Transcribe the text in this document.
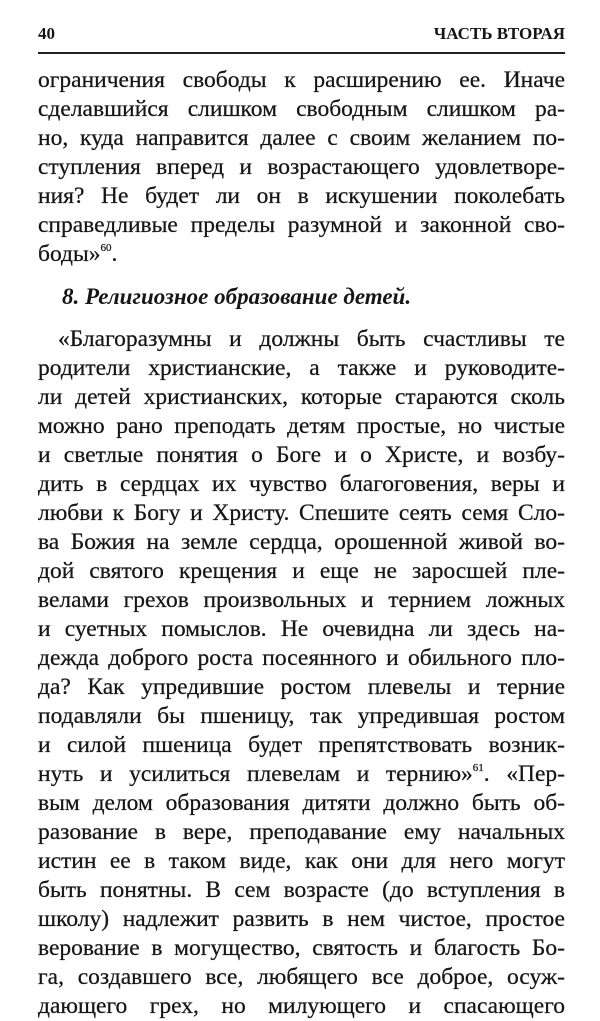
40	ЧАСТЬ ВТОРАЯ
ограничения свободы к расширению ее. Иначе
сделавшийся слишком свободным слишком ра-
но, куда направится далее с своим желанием по-
ступления вперед и возрастающего удовлетворе-
ния? Не будет ли он в искушении поколебать
справедливые пределы разумной и законной сво-
боды»$^{60}$.
8. Религиозное образование детей.
«Благоразумны и должны быть счастливы те
родители христианские, а также и руководите-
ли детей христианских, которые стараются сколь
можно рано преподать детям простые, но чистые
и светлые понятия о Боге и о Христе, и возбу-
дить в сердцах их чувство благоговения, веры и
любви к Богу и Христу. Спешите сеять семя Сло-
ва Божия на земле сердца, орошенной живой во-
дой святого крещения и еще не заросшей пле-
велами грехов произвольных и терниeм ложных
и суетных помыслов. Не очевидна ли здесь на-
дежда доброго роста посеянного и обильного пло-
да? Как упредившие ростом плевелы и терние
подавляли бы пшеницу, так упредившая ростом
и силой пшеница будет препятствовать возник-
нуть и усилиться плевелам и тернию»$^{61}$. «Пер-
вым делом образования дитяти должно быть об-
разование в вере, преподавание ему начальных
истин ее в таком виде, как они для него могут
быть понятны. В сем возрасте (до вступления в
школу) надлежит развить в нем чистое, простое
верование в могущество, святость и благость Бо-
га, создавшего все, любящего все доброе, осуж-
дающего грех, но милующего и спасающего
